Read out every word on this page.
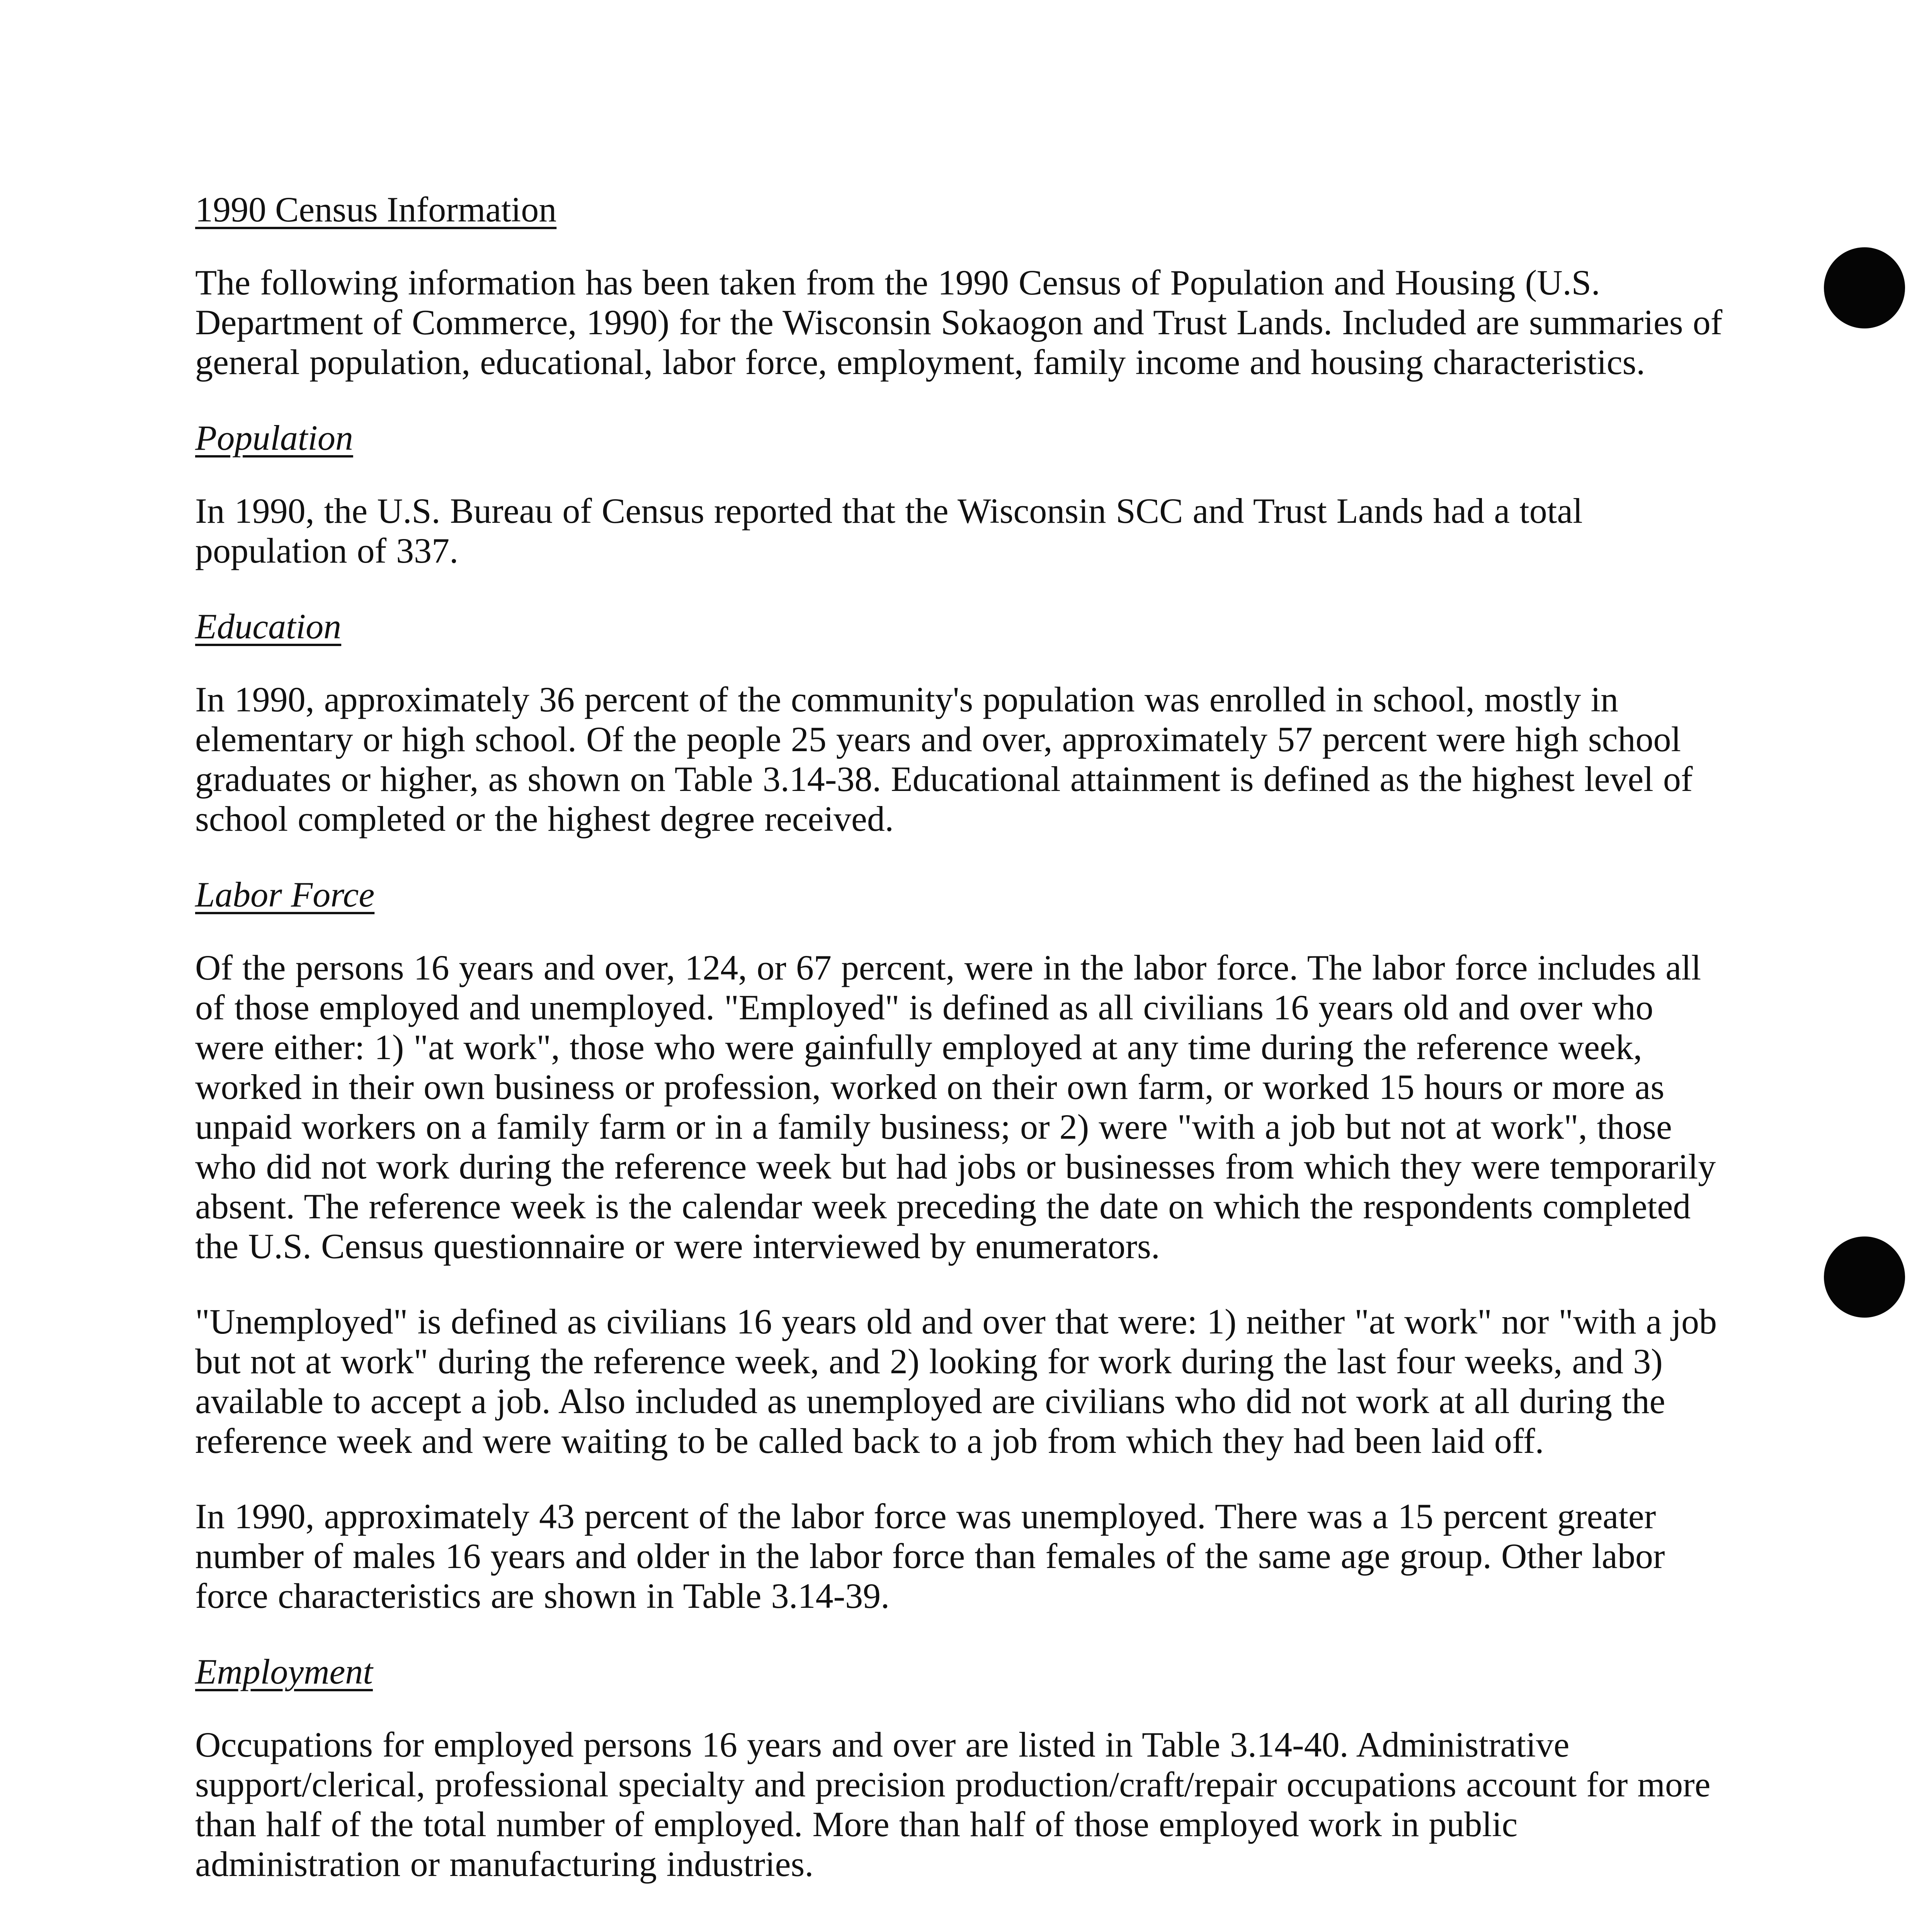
1990 Census Information

The following information has been taken from the 1990 Census of Population and Housing (U.S. Department of Commerce, 1990) for the Wisconsin Sokaogon and Trust Lands. Included are summaries of general population, educational, labor force, employment, family income and housing characteristics.

Population

In 1990, the U.S. Bureau of Census reported that the Wisconsin SCC and Trust Lands had a total population of 337.

Education

In 1990, approximately 36 percent of the community's population was enrolled in school, mostly in elementary or high school. Of the people 25 years and over, approximately 57 percent were high school graduates or higher, as shown on Table 3.14-38. Educational attainment is defined as the highest level of school completed or the highest degree received.

Labor Force

Of the persons 16 years and over, 124, or 67 percent, were in the labor force. The labor force includes all of those employed and unemployed. "Employed" is defined as all civilians 16 years old and over who were either: 1) "at work", those who were gainfully employed at any time during the reference week, worked in their own business or profession, worked on their own farm, or worked 15 hours or more as unpaid workers on a family farm or in a family business; or 2) were "with a job but not at work", those who did not work during the reference week but had jobs or businesses from which they were temporarily absent. The reference week is the calendar week preceding the date on which the respondents completed the U.S. Census questionnaire or were interviewed by enumerators.

"Unemployed" is defined as civilians 16 years old and over that were: 1) neither "at work" nor "with a job but not at work" during the reference week, and 2) looking for work during the last four weeks, and 3) available to accept a job. Also included as unemployed are civilians who did not work at all during the reference week and were waiting to be called back to a job from which they had been laid off.

In 1990, approximately 43 percent of the labor force was unemployed. There was a 15 percent greater number of males 16 years and older in the labor force than females of the same age group. Other labor force characteristics are shown in Table 3.14-39.

Employment

Occupations for employed persons 16 years and over are listed in Table 3.14-40. Administrative support/clerical, professional specialty and precision production/craft/repair occupations account for more than half of the total number of employed. More than half of those employed work in public administration or manufacturing industries.
